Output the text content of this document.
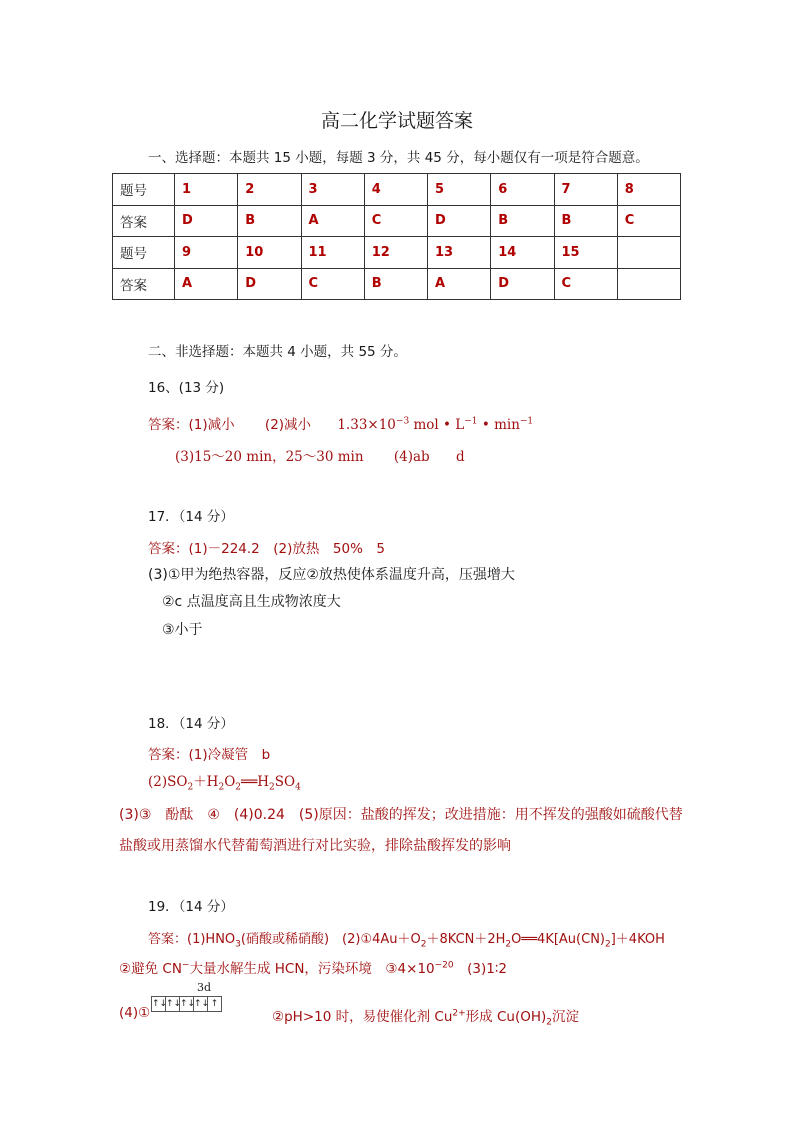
高二化学试题答案
一、选择题：本题共 15 小题，每题 3 分，共 45 分，每小题仅有一项是符合题意。
题号	1	2	3	4	5	6	7	8
答案	D	B	A	C	D	B	B	C
题号	9	10	11	12	13	14	15	
答案	A	D	C	B	A	D	C	
二、非选择题：本题共 4 小题，共 55 分。
16、(13 分)
答案：(1)减小 (2)减小 $1.33\times 10^{-3}$ mol • $L^{-1}$ • $\min^{-1}$
(3)15～20 min，25～30 min (4)ab d
17．（14 分）
答案：(1)－224.2　(2)放热　50%　5
(3)①甲为绝热容器，反应②放热使体系温度升高，压强增大
②c 点温度高且生成物浓度大
③小于
18．（14 分）
答案：(1)冷凝管　b
$(2)SO_2+H_2O_2══H_2SO_4$
(3)③　酚酞　④　(4)0.24　(5)原因：盐酸的挥发；改进措施：用不挥发的强酸如硫酸代替
盐酸或用蒸馏水代替葡萄酒进行对比实验，排除盐酸挥发的影响
19．（14 分）
答案：$(1)HNO_3$(硝酸或稀硝酸)　$(2)①4Au+O_2+8KCN+2H_2O══4K[Au(CN)_2]+4KOH$
②避免 CN−大量水解生成 HCN，污染环境　$③4\times 10^{-20}$　(3)1∶2
3d
(4)①
↑↓↑↓↑↓↑↓ ↑
②pH>10 时，易使催化剂 $Cu^{2+}$形成 $Cu(OH)_2$沉淀
